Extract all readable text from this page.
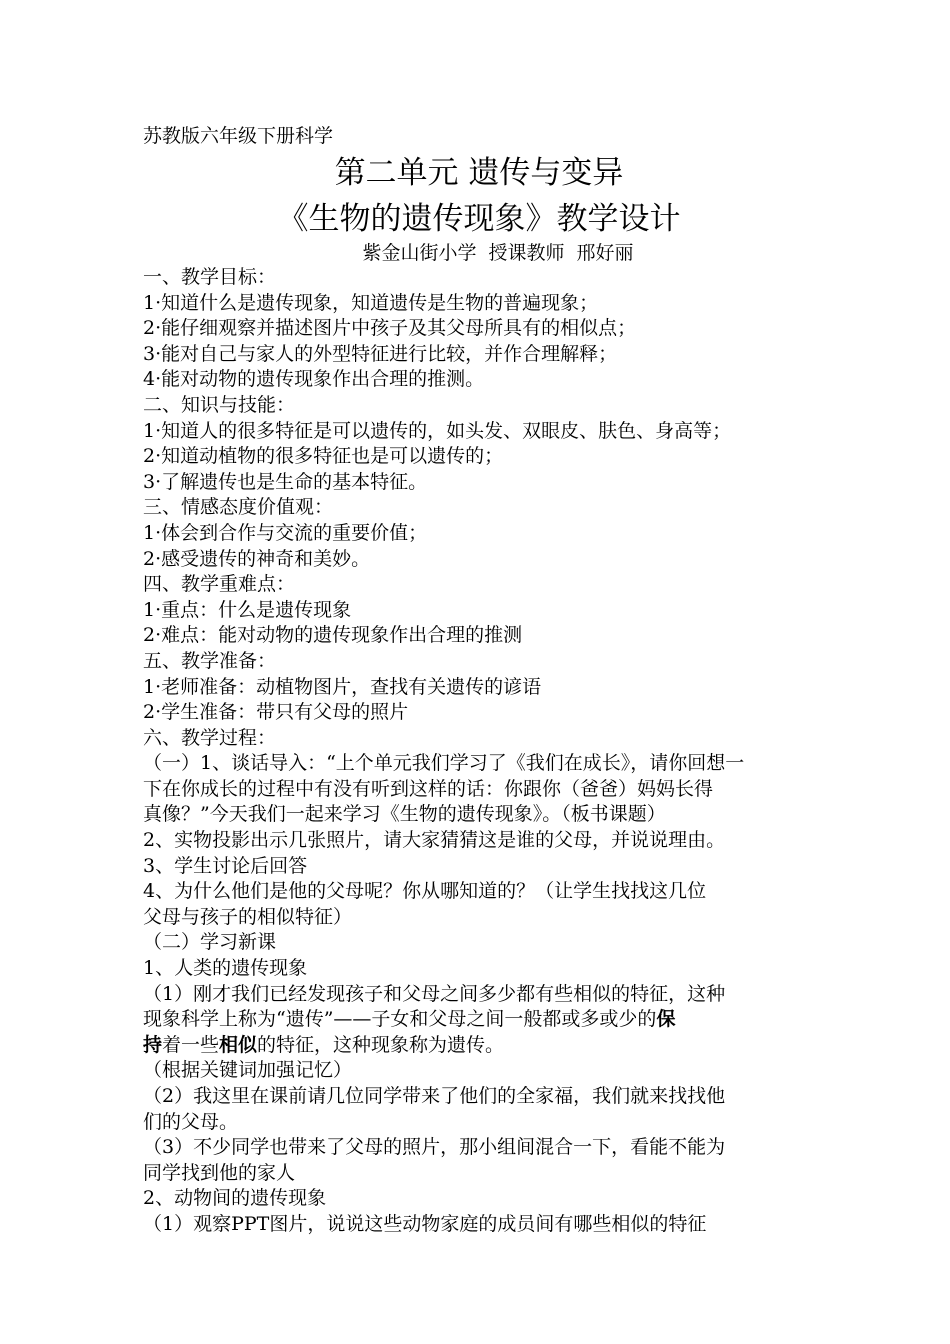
苏教版六年级下册科学
第二单元 遗传与变异
《生物的遗传现象》教学设计
紫金山街小学 授课教师 邢好丽
一、教学目标：
1·知道什么是遗传现象，知道遗传是生物的普遍现象；
2·能仔细观察并描述图片中孩子及其父母所具有的相似点；
3·能对自己与家人的外型特征进行比较，并作合理解释；
4·能对动物的遗传现象作出合理的推测。
二、知识与技能：
1·知道人的很多特征是可以遗传的，如头发、双眼皮、肤色、身高等；
2·知道动植物的很多特征也是可以遗传的；
3·了解遗传也是生命的基本特征。
三、情感态度价值观：
1·体会到合作与交流的重要价值；
2·感受遗传的神奇和美妙。
四、教学重难点：
1·重点：什么是遗传现象
2·难点：能对动物的遗传现象作出合理的推测
五、教学准备：
1·老师准备：动植物图片，查找有关遗传的谚语
2·学生准备：带只有父母的照片
六、教学过程：
（一）1、谈话导入：“上个单元我们学习了《我们在成长》，请你回想一
下在你成长的过程中有没有听到这样的话：你跟你（爸爸）妈妈长得
真像？”今天我们一起来学习《生物的遗传现象》。（板书课题）
2、实物投影出示几张照片，请大家猜猜这是谁的父母，并说说理由。
3、学生讨论后回答
4、为什么他们是他的父母呢？你从哪知道的？（让学生找找这几位
父母与孩子的相似特征）
（二）学习新课
1、人类的遗传现象
（1）刚才我们已经发现孩子和父母之间多少都有些相似的特征，这种
现象科学上称为“遗传”——子女和父母之间一般都或多或少的保
持着一些相似的特征，这种现象称为遗传。
（根据关键词加强记忆）
（2）我这里在课前请几位同学带来了他们的全家福，我们就来找找他
们的父母。
（3）不少同学也带来了父母的照片，那小组间混合一下，看能不能为
同学找到他的家人
2、动物间的遗传现象
（1）观察PPT图片，说说这些动物家庭的成员间有哪些相似的特征
